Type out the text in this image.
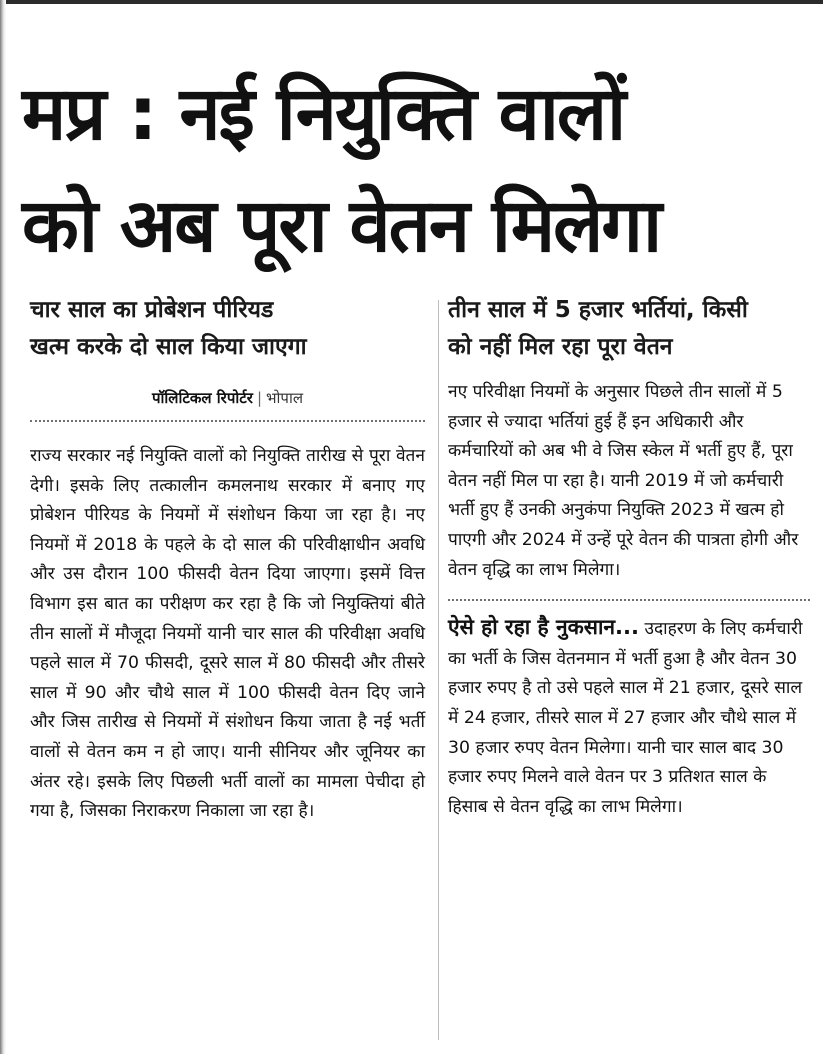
मप्र : नई नियुक्ति वालों
को अब पूरा वेतन मिलेगा
चार साल का प्रोबेशन पीरियड
खत्म करके दो साल किया जाएगा
पॉलिटिकल रिपोर्टर | भोपाल

राज्य सरकार नई नियुक्ति वालों को नियुक्ति तारीख से पूरा वेतन देगी। इसके लिए तत्कालीन कमलनाथ सरकार में बनाए गए प्रोबेशन पीरियड के नियमों में संशोधन किया जा रहा है। नए नियमों में 2018 के पहले के दो साल की परिवीक्षाधीन अवधि और उस दौरान 100 फीसदी वेतन दिया जाएगा। इसमें वित्त विभाग इस बात का परीक्षण कर रहा है कि जो नियुक्तियां बीते तीन सालों में मौजूदा नियमों यानी चार साल की परिवीक्षा अवधि पहले साल में 70 फीसदी, दूसरे साल में 80 फीसदी और तीसरे साल में 90 और चौथे साल में 100 फीसदी वेतन दिए जाने और जिस तारीख से नियमों में संशोधन किया जाता है नई भर्ती वालों से वेतन कम न हो जाए। यानी सीनियर और जूनियर का अंतर रहे। इसके लिए पिछली भर्ती वालों का मामला पेचीदा हो गया है, जिसका निराकरण निकाला जा रहा है।

तीन साल में 5 हजार भर्तियां, किसी
को नहीं मिल रहा पूरा वेतन

नए परिवीक्षा नियमों के अनुसार पिछले तीन सालों में 5 हजार से ज्यादा भर्तियां हुई हैं इन अधिकारी और कर्मचारियों को अब भी वे जिस स्केल में भर्ती हुए हैं, पूरा वेतन नहीं मिल पा रहा है। यानी 2019 में जो कर्मचारी भर्ती हुए हैं उनकी अनुकंपा नियुक्ति 2023 में खत्म हो पाएगी और 2024 में उन्हें पूरे वेतन की पात्रता होगी और वेतन वृद्धि का लाभ मिलेगा।

ऐसे हो रहा है नुकसान... उदाहरण के लिए कर्मचारी का भर्ती के जिस वेतनमान में भर्ती हुआ है और वेतन 30 हजार रुपए है तो उसे पहले साल में 21 हजार, दूसरे साल में 24 हजार, तीसरे साल में 27 हजार और चौथे साल में 30 हजार रुपए वेतन मिलेगा। यानी चार साल बाद 30 हजार रुपए मिलने वाले वेतन पर 3 प्रतिशत साल के हिसाब से वेतन वृद्धि का लाभ मिलेगा।
